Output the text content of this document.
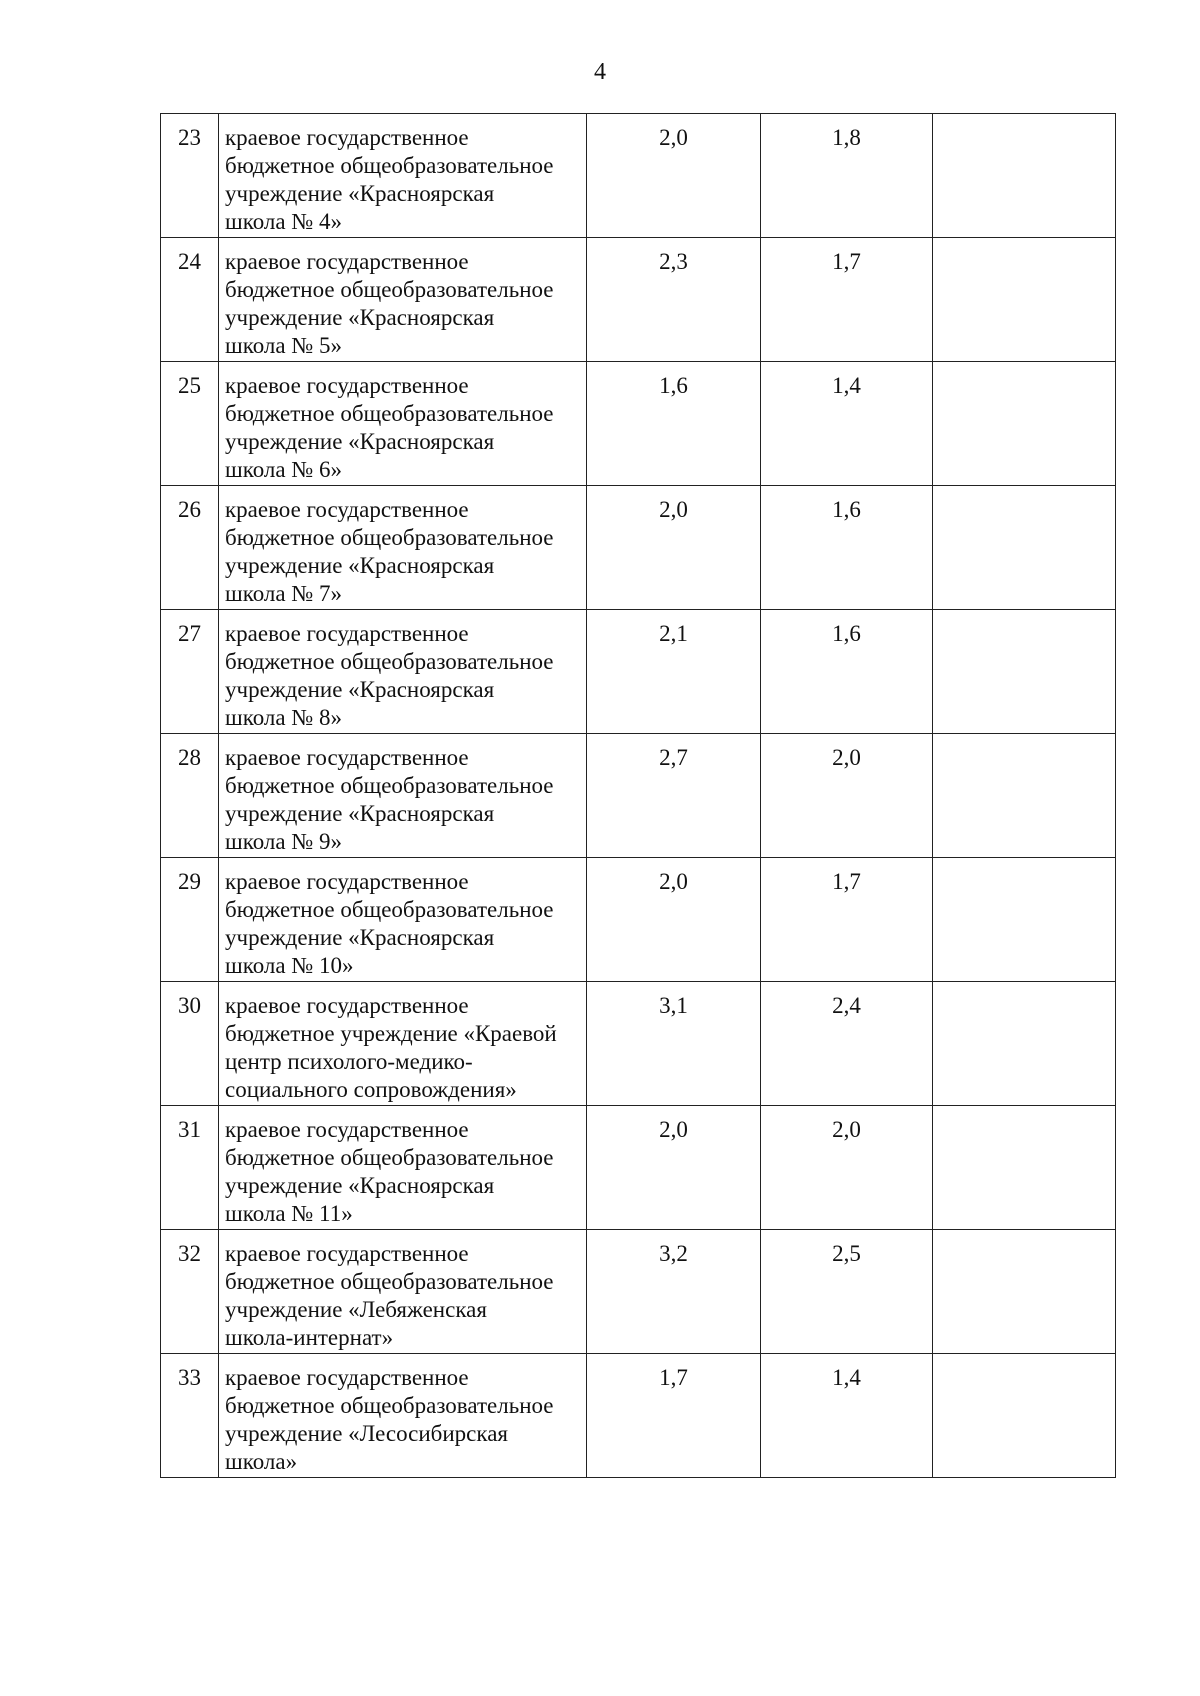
4
23	краевое государственное
бюджетное общеобразовательное
учреждение «Красноярская
школа № 4»	2,0	1,8	
24	краевое государственное
бюджетное общеобразовательное
учреждение «Красноярская
школа № 5»	2,3	1,7	
25	краевое государственное
бюджетное общеобразовательное
учреждение «Красноярская
школа № 6»	1,6	1,4	
26	краевое государственное
бюджетное общеобразовательное
учреждение «Красноярская
школа № 7»	2,0	1,6	
27	краевое государственное
бюджетное общеобразовательное
учреждение «Красноярская
школа № 8»	2,1	1,6	
28	краевое государственное
бюджетное общеобразовательное
учреждение «Красноярская
школа № 9»	2,7	2,0	
29	краевое государственное
бюджетное общеобразовательное
учреждение «Красноярская
школа № 10»	2,0	1,7	
30	краевое государственное
бюджетное учреждение «Краевой
центр психолого-медико-
социального сопровождения»	3,1	2,4	
31	краевое государственное
бюджетное общеобразовательное
учреждение «Красноярская
школа № 11»	2,0	2,0	
32	краевое государственное
бюджетное общеобразовательное
учреждение «Лебяженская
школа-интернат»	3,2	2,5	
33	краевое государственное
бюджетное общеобразовательное
учреждение «Лесосибирская
школа»	1,7	1,4	
